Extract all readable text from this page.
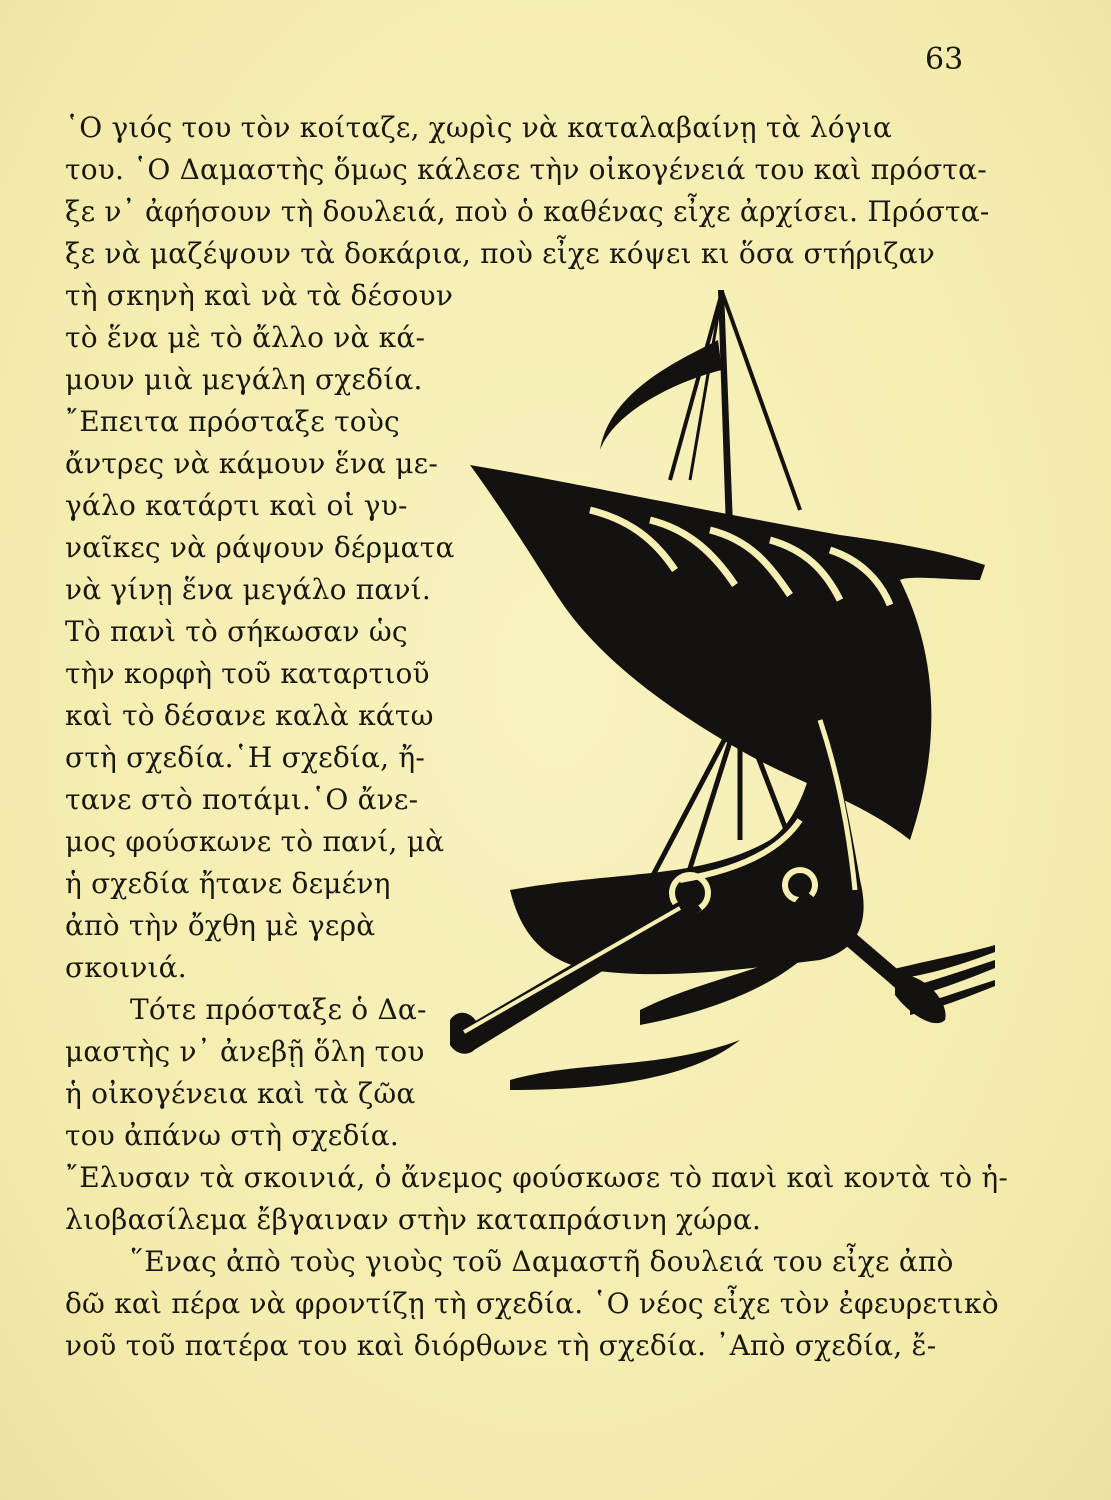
63
῾Ο γιός του τὸν κοίταζε, χωρὶς νὰ καταλαβαίνῃ τὰ λόγια
του. ῾Ο Δαμαστὴς ὅμως κάλεσε τὴν οἰκογένειά του καὶ πρόστα-
ξε ν᾿ ἀφήσουν τὴ δουλειά, ποὺ ὁ καθένας εἶχε ἀρχίσει. Πρόστα-
ξε νὰ μαζέψουν τὰ δοκάρια, ποὺ εἶχε κόψει κι ὅσα στήριζαν
τὴ σκηνὴ καὶ νὰ τὰ δέσουν
τὸ ἕνα μὲ τὸ ἄλλο νὰ κά-
μουν μιὰ μεγάλη σχεδία.
῎Επειτα πρόσταξε τοὺς
ἄντρες νὰ κάμουν ἕνα με-
γάλο κατάρτι καὶ οἱ γυ-
ναῖκες νὰ ράψουν δέρματα
νὰ γίνῃ ἕνα μεγάλο πανί.
Τὸ πανὶ τὸ σήκωσαν ὡς
τὴν κορφὴ τοῦ καταρτιοῦ
καὶ τὸ δέσανε καλὰ κάτω
στὴ σχεδία.῾Η σχεδία, ἤ-
τανε στὸ ποτάμι.῾Ο ἄνε-
μος φούσκωνε τὸ πανί, μὰ
ἡ σχεδία ἤτανε δεμένη
ἀπὸ τὴν ὄχθη μὲ γερὰ
σκοινιά.
Τότε πρόσταξε ὁ Δα-
μαστὴς ν᾿ ἀνεβῇ ὅλη του
ἡ οἰκογένεια καὶ τὰ ζῶα
του ἀπάνω στὴ σχεδία.
῎Ελυσαν τὰ σκοινιά, ὁ ἄνεμος φούσκωσε τὸ πανὶ καὶ κοντὰ τὸ ἡ-
λιοβασίλεμα ἔβγαιναν στὴν καταπράσινη χώρα.
῞Ενας ἀπὸ τοὺς γιοὺς τοῦ Δαμαστῆ δουλειά του εἶχε ἀπὸ
δῶ καὶ πέρα νὰ φροντίζῃ τὴ σχεδία. ῾Ο νέος εἶχε τὸν ἐφευρετικὸ
νοῦ τοῦ πατέρα του καὶ διόρθωνε τὴ σχεδία. ᾿Απὸ σχεδία, ἔ-
